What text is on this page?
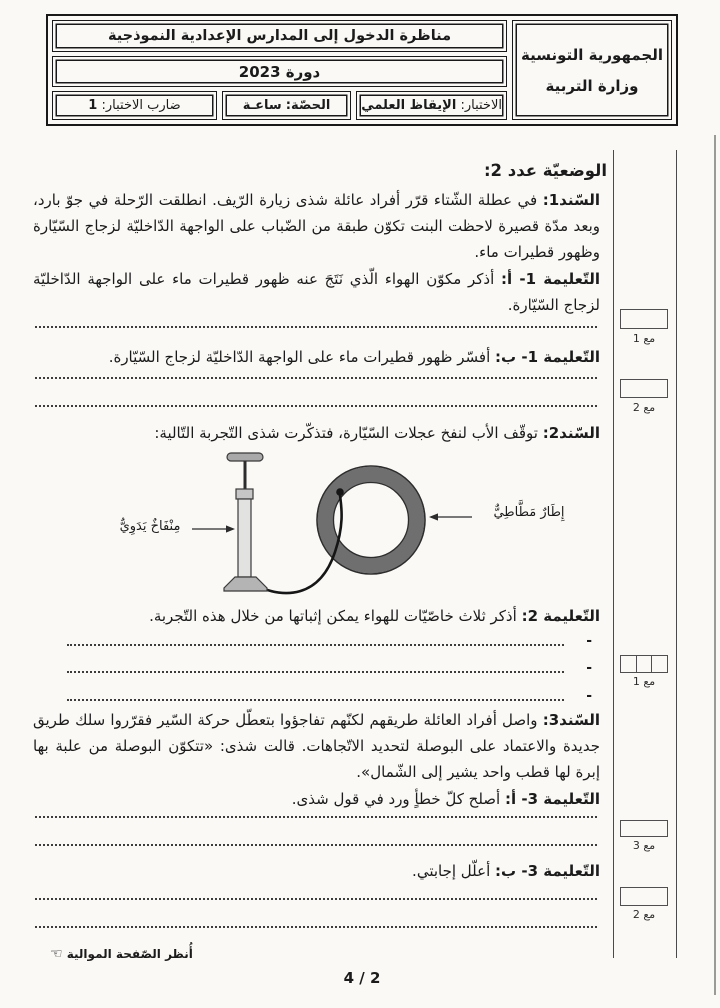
الجمهورية التونسية
وزارة التربية
مناظرة الدخول إلى المدارس الإعدادية النموذجية
دورة 2023
الاختبار:

الإيقاظ العلمي
الحصّة:

ساعـة
ضارب الاختبار:

1
الوضعيّة عدد 2:
السّند1: في عطلة الشّتاء قرّر أفراد عائلة شذى زيارة الرّيف. انطلقت الرّحلة في جوّ بارد، وبعد مدّة قصيرة لاحظت البنت تكوّن طبقة من الضّباب على الواجهة الدّاخليّة لزجاج السّيّارة وظهور قطيرات ماء.
التّعليمة 1- أ: أذكر مكوّن الهواء الّذي نَتَجَ عنه ظهور قطيرات ماء على الواجهة الدّاخليّة لزجاج السّيّارة.
التّعليمة 1- ب: أفسّر ظهور قطيرات ماء على الواجهة الدّاخليّة لزجاج السّيّارة.
السّند2: توقّف الأب لنفخ عجلات السّيّارة، فتذكّرت شذى التّجربة التّالية:
مِنْفَاخٌ يَدَوِيٌّ
إِطَارٌ مَطَّاطِيٌّ
التّعليمة 2: أذكر ثلاث خاصّيّات للهواء يمكن إثباتها من خلال هذه التّجربة.
-
-
-
السّند3: واصل أفراد العائلة طريقهم لكنّهم تفاجؤوا بتعطّل حركة السّير فقرّروا سلك طريق جديدة والاعتماد على البوصلة لتحديد الاتّجاهات. قالت شذى: «تتكوّن البوصلة من علبة بها إبرة لها قطب واحد يشير إلى الشّمال».
التّعليمة 3- أ: أصلح كلّ خطأٍ ورد في قول شذى.
التّعليمة 3- ب: أعلّل إجابتي.
مع 1
مع 2
مع 1
مع 3
مع 2
أُنظر الصّفحة الموالية ☜
4 / 2
